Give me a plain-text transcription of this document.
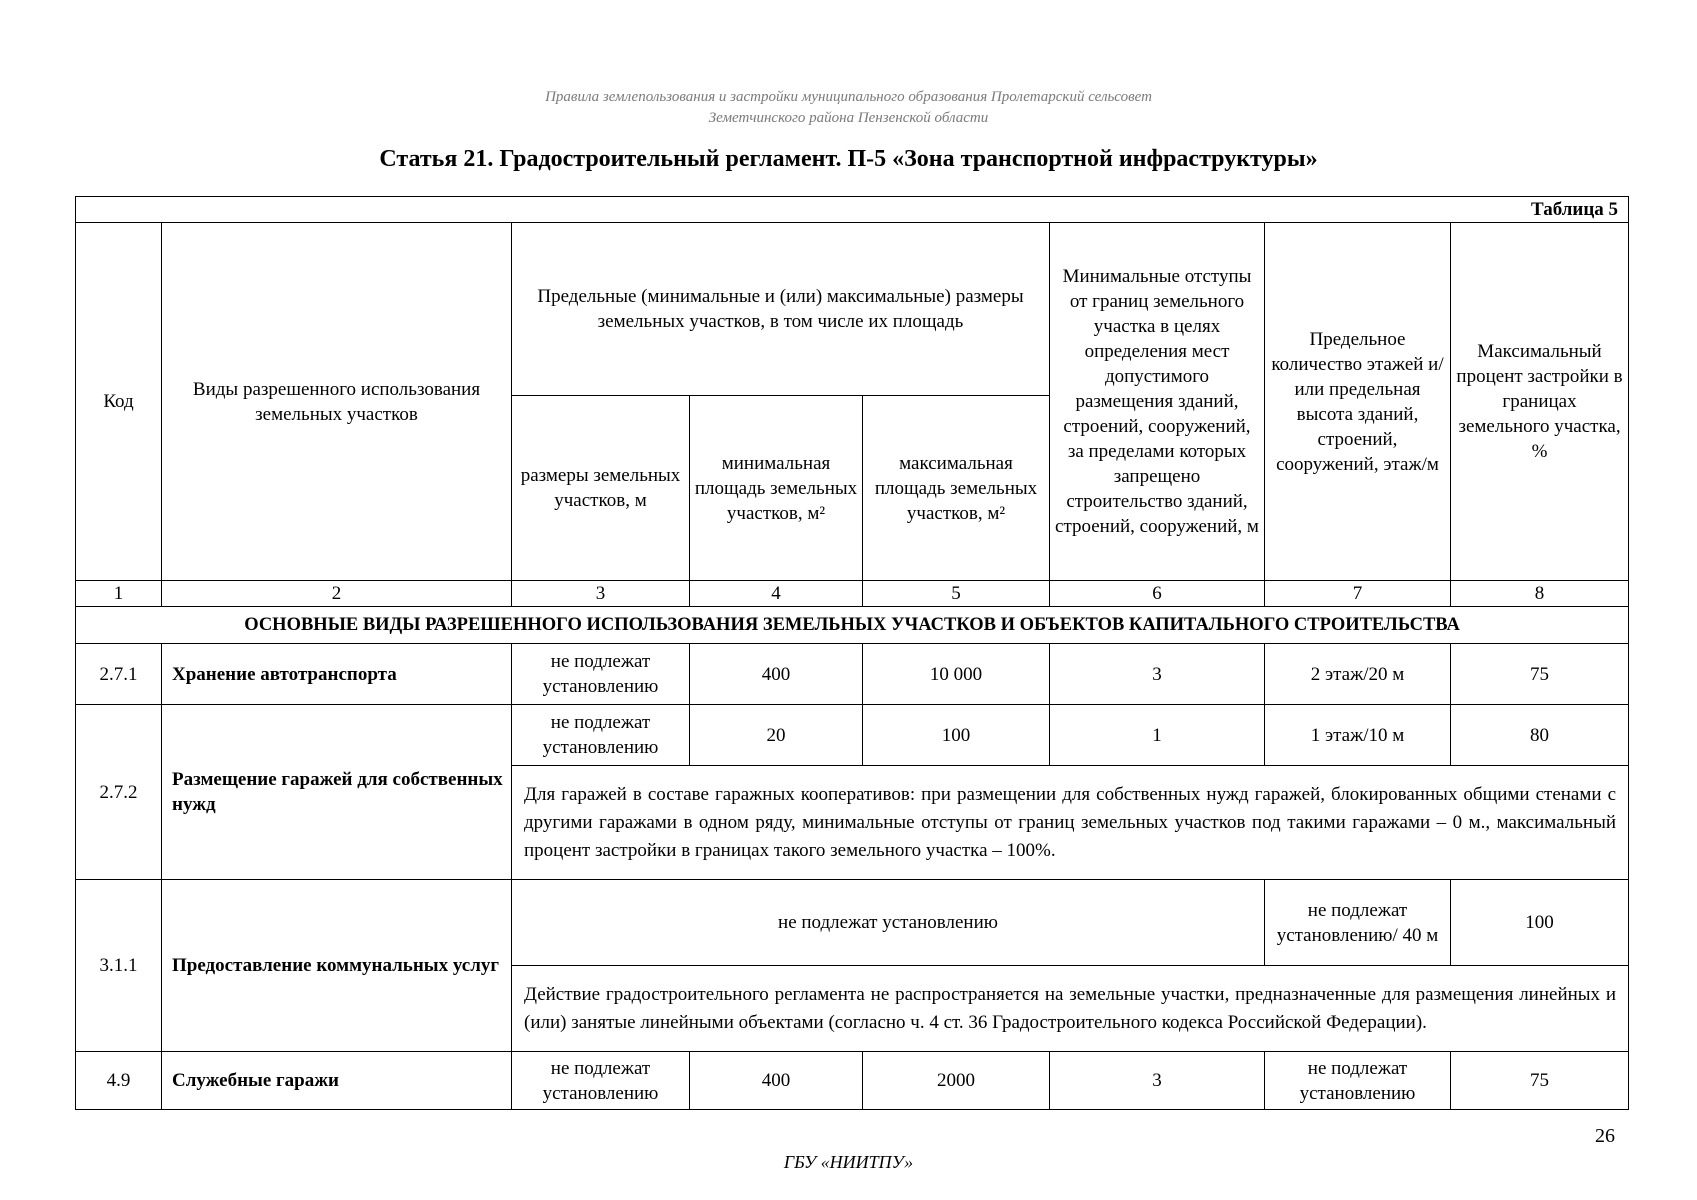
Правила землепользования и застройки муниципального образования Пролетарский сельсовет
Земетчинского района Пензенской области
Статья 21. Градостроительный регламент. П-5 «Зона транспортной инфраструктуры»
Таблица 5							
Код	Виды разрешенного использования земельных участков	Предельные (минимальные и (или) максимальные) размеры земельных участков, в том числе их площадь			Минимальные отступы от границ земельного участка в целях определения мест допустимого размещения зданий, строений, сооружений, за пределами которых запрещено строительство зданий, строений, сооружений, м	Предельное количество этажей и/или предельная высота зданий, строений, сооружений, этаж/м	Максимальный процент застройки в границах земельного участка, %
		размеры земельных участков, м	минимальная площадь земельных участков, м²	максимальная площадь земельных участков, м²			
1	2	3	4	5	6	7	8
ОСНОВНЫЕ ВИДЫ РАЗРЕШЕННОГО ИСПОЛЬЗОВАНИЯ ЗЕМЕЛЬНЫХ УЧАСТКОВ И ОБЪЕКТОВ КАПИТАЛЬНОГО СТРОИТЕЛЬСТВА							
2.7.1	Хранение автотранспорта	не подлежат установлению	400	10 000	3	2 этаж/20 м	75
2.7.2	Размещение гаражей для собственных нужд	не подлежат установлению	20	100	1	1 этаж/10 м	80
		Для гаражей в составе гаражных кооперативов: при размещении для собственных нужд гаражей, блокированных общими стенами с другими гаражами в одном ряду, минимальные отступы от границ земельных участков под такими гаражами – 0 м., максимальный процент застройки в границах такого земельного участка – 100%.					
3.1.1	Предоставление коммунальных услуг	не подлежат установлению				не подлежат установлению/ 40 м	100
		Действие градостроительного регламента не распространяется на земельные участки, предназначенные для размещения линейных и (или) занятые линейными объектами (согласно ч. 4 ст. 36 Градостроительного кодекса Российской Федерации).					
4.9	Служебные гаражи	не подлежат установлению	400	2000	3	не подлежат установлению	75
26
ГБУ «НИИТПУ»
